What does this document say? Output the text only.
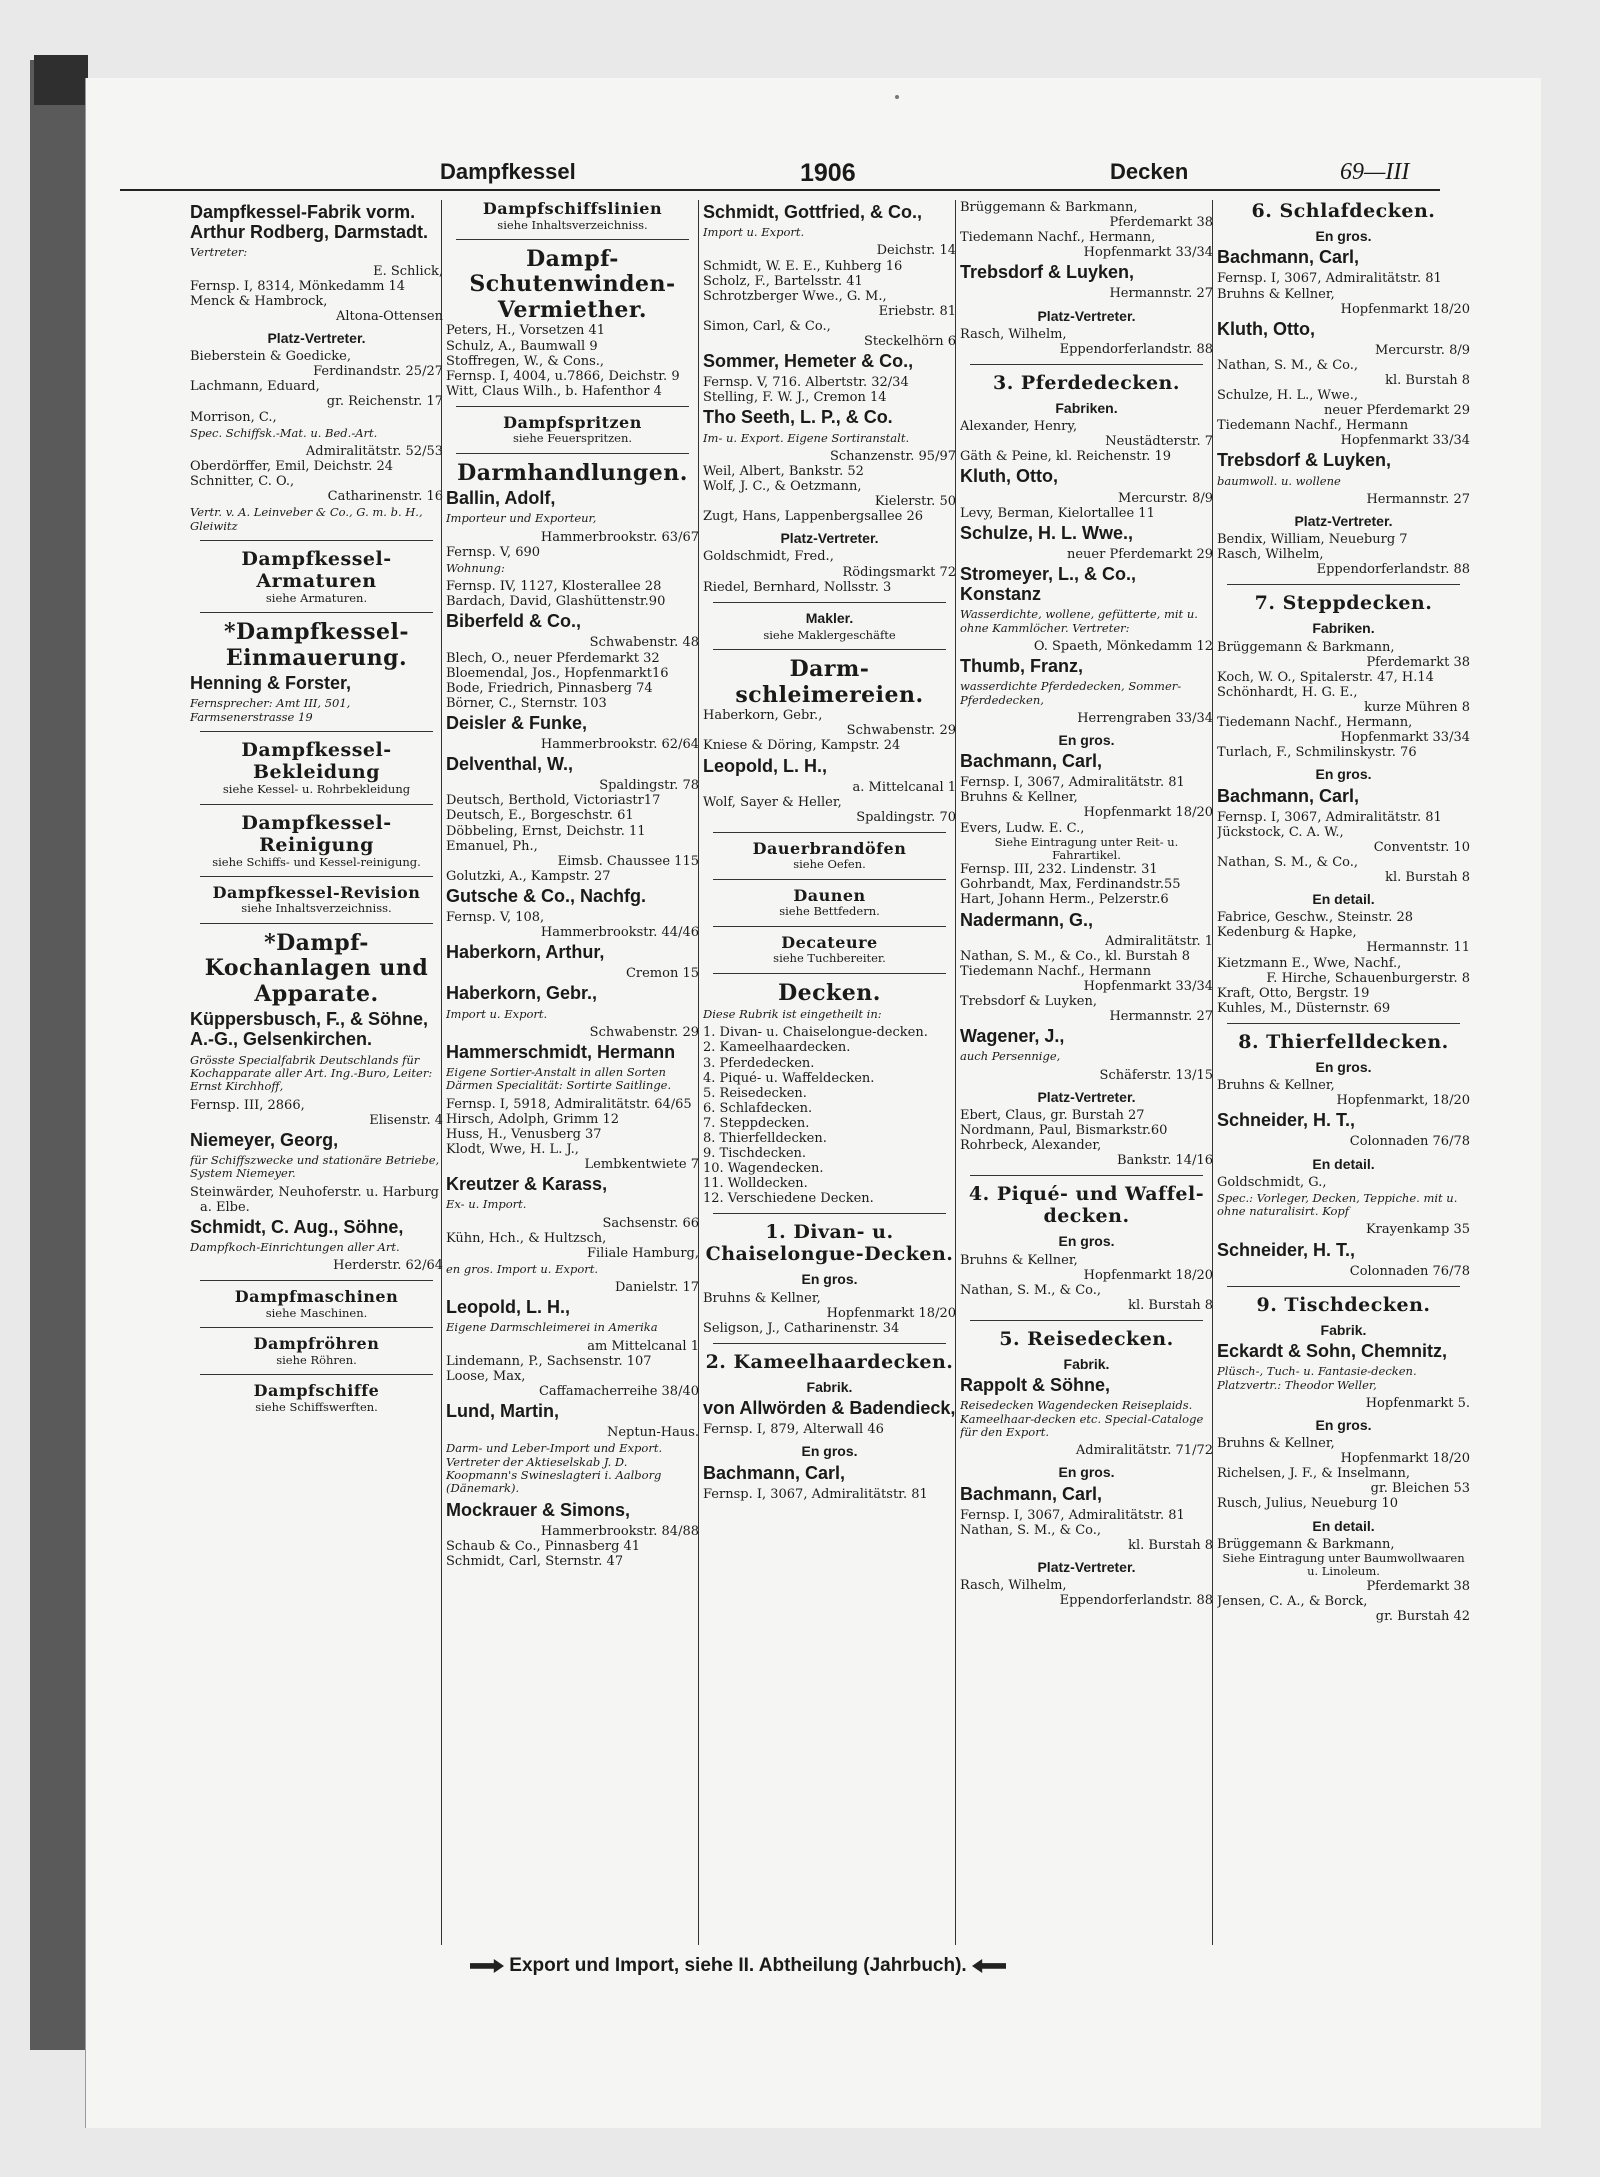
Dampfkessel	1906	Decken	69—III
Dampfkessel-Fabrik vorm. Arthur Rodberg, Darmstadt.
Vertreter:
E. Schlick,
Fernsp. I, 8314, Mönkedamm 14
Menck & Hambrock,
Altona-Ottensen
Platz-Vertreter.
Bieberstein & Goedicke,
Ferdinandstr. 25/27
Lachmann, Eduard,
gr. Reichenstr. 17
Morrison, C.,
Spec. Schiffsk.-Mat. u. Bed.-Art.
Admiralitätstr. 52/53
Oberdörffer, Emil, Deichstr. 24
Schnitter, C. O.,
Catharinenstr. 16
Vertr. v. A. Leinveber & Co., G. m. b. H., Gleiwitz
Dampfkessel-Armaturen
siehe Armaturen.
*Dampfkessel-Einmauerung.
Henning & Forster,
Fernsprecher: Amt III, 501, Farmsenerstrasse 19
Dampfkessel-Bekleidung
siehe Kessel- u. Rohrbekleidung
Dampfkessel-Reinigung
siehe Schiffs- und Kessel-reinigung.
Dampfkessel-Revision
siehe Inhaltsverzeichniss.
*Dampf-Kochanlagen und Apparate.
Küppersbusch, F., & Söhne, A.-G., Gelsenkirchen.
Grösste Specialfabrik Deutschlands für Kochapparate aller Art. Ing.-Buro, Leiter: Ernst Kirchhoff,
Fernsp. III, 2866,
Elisenstr. 4
Niemeyer, Georg,
für Schiffszwecke und stationäre Betriebe, System Niemeyer.
Steinwärder, Neuhoferstr. u. Harburg a. Elbe.
Schmidt, C. Aug., Söhne,
Dampfkoch-Einrichtungen aller Art.
Herderstr. 62/64
Dampfmaschinen
siehe Maschinen.
Dampfröhren
siehe Röhren.
Dampfschiffe
siehe Schiffswerften.
Dampfschiffslinien
siehe Inhaltsverzeichniss.
Dampf-Schutenwinden-Vermiether.
Peters, H., Vorsetzen 41
Schulz, A., Baumwall 9
Stoffregen, W., & Cons.,
Fernsp. I, 4004, u.7866, Deichstr. 9
Witt, Claus Wilh., b. Hafenthor 4
Dampfspritzen
siehe Feuerspritzen.
Darmhandlungen.
Ballin, Adolf,
Importeur und Exporteur,
Hammerbrookstr. 63/67
Fernsp. V, 690
Wohnung:
Fernsp. IV, 1127, Klosterallee 28
Bardach, David, Glashüttenstr.90
Biberfeld & Co.,
Schwabenstr. 48
Blech, O., neuer Pferdemarkt 32
Bloemendal, Jos., Hopfenmarkt16
Bode, Friedrich, Pinnasberg 74
Börner, C., Sternstr. 103
Deisler & Funke,
Hammerbrookstr. 62/64
Delventhal, W.,
Spaldingstr. 78
Deutsch, Berthold, Victoriastr17
Deutsch, E., Borgeschstr. 61
Döbbeling, Ernst, Deichstr. 11
Emanuel, Ph.,
Eimsb. Chaussee 115
Golutzki, A., Kampstr. 27
Gutsche & Co., Nachfg.
Fernsp. V, 108,
Hammerbrookstr. 44/46
Haberkorn, Arthur,
Cremon 15
Haberkorn, Gebr.,
Import u. Export.
Schwabenstr. 29
Hammerschmidt, Hermann
Eigene Sortier-Anstalt in allen Sorten Därmen Specialität: Sortirte Saitlinge.
Fernsp. I, 5918, Admiralitätstr. 64/65
Hirsch, Adolph, Grimm 12
Huss, H., Venusberg 37
Klodt, Wwe, H. L. J.,
Lembkentwiete 7
Kreutzer & Karass,
Ex- u. Import.
Sachsenstr. 66
Kühn, Hch., & Hultzsch,
Filiale Hamburg,
en gros. Import u. Export.
Danielstr. 17
Leopold, L. H.,
Eigene Darmschleimerei in Amerika
am Mittelcanal 1
Lindemann, P., Sachsenstr. 107
Loose, Max,
Caffamacherreihe 38/40
Lund, Martin,
Neptun-Haus.
Darm- und Leber-Import und Export. Vertreter der Aktieselskab J. D. Koopmann's Swineslagteri i. Aalborg (Dänemark).
Mockrauer & Simons,
Hammerbrookstr. 84/88
Schaub & Co., Pinnasberg 41
Schmidt, Carl, Sternstr. 47
Schmidt, Gottfried, & Co.,
Import u. Export.
Deichstr. 14
Schmidt, W. E. E., Kuhberg 16
Scholz, F., Bartelsstr. 41
Schrotzberger Wwe., G. M.,
Eriebstr. 81
Simon, Carl, & Co.,
Steckelhörn 6
Sommer, Hemeter & Co.,
Fernsp. V, 716. Albertstr. 32/34
Stelling, F. W. J., Cremon 14
Tho Seeth, L. P., & Co.
Im- u. Export. Eigene Sortiranstalt.
Schanzenstr. 95/97
Weil, Albert, Bankstr. 52
Wolf, J. C., & Oetzmann,
Kielerstr. 50
Zugt, Hans, Lappenbergsallee 26
Platz-Vertreter.
Goldschmidt, Fred.,
Rödingsmarkt 72
Riedel, Bernhard, Nollsstr. 3
Makler.
siehe Maklergeschäfte
Darm-schleimereien.
Haberkorn, Gebr.,
Schwabenstr. 29
Kniese & Döring, Kampstr. 24
Leopold, L. H.,
a. Mittelcanal 1
Wolf, Sayer & Heller,
Spaldingstr. 70
Dauerbrandöfen
siehe Oefen.
Daunen
siehe Bettfedern.
Decateure
siehe Tuchbereiter.
Decken.
Diese Rubrik ist eingetheilt in:
1. Divan- u. Chaiselongue-decken.
2. Kameelhaardecken.
3. Pferdedecken.
4. Piqué- u. Waffeldecken.
5. Reisedecken.
6. Schlafdecken.
7. Steppdecken.
8. Thierfelldecken.
9. Tischdecken.
10. Wagendecken.
11. Wolldecken.
12. Verschiedene Decken.
1. Divan- u. Chaiselongue-Decken.
En gros.
Bruhns & Kellner,
Hopfenmarkt 18/20
Seligson, J., Catharinenstr. 34
2. Kameelhaardecken.
Fabrik.
von Allwörden & Badendieck,
Fernsp. I, 879, Alterwall 46
En gros.
Bachmann, Carl,
Fernsp. I, 3067, Admiralitätstr. 81
Brüggemann & Barkmann,
Pferdemarkt 38
Tiedemann Nachf., Hermann,
Hopfenmarkt 33/34
Trebsdorf & Luyken,
Hermannstr. 27
Platz-Vertreter.
Rasch, Wilhelm,
Eppendorferlandstr. 88
3. Pferdedecken.
Fabriken.
Alexander, Henry,
Neustädterstr. 7
Gäth & Peine, kl. Reichenstr. 19
Kluth, Otto,
Mercurstr. 8/9
Levy, Berman, Kielortallee 11
Schulze, H. L. Wwe.,
neuer Pferdemarkt 29
Stromeyer, L., & Co., Konstanz
Wasserdichte, wollene, gefütterte, mit u. ohne Kammlöcher. Vertreter:
O. Spaeth, Mönkedamm 12
Thumb, Franz,
wasserdichte Pferdedecken, Sommer-Pferdedecken,
Herrengraben 33/34
En gros.
Bachmann, Carl,
Fernsp. I, 3067, Admiralitätstr. 81
Bruhns & Kellner,
Hopfenmarkt 18/20
Evers, Ludw. E. C.,
Siehe Eintragung unter Reit- u. Fahrartikel.
Fernsp. III, 232. Lindenstr. 31
Gohrbandt, Max, Ferdinandstr.55
Hart, Johann Herm., Pelzerstr.6
Nadermann, G.,
Admiralitätstr. 1
Nathan, S. M., & Co., kl. Burstah 8
Tiedemann Nachf., Hermann
Hopfenmarkt 33/34
Trebsdorf & Luyken,
Hermannstr. 27
Wagener, J.,
auch Persennige,
Schäferstr. 13/15
Platz-Vertreter.
Ebert, Claus, gr. Burstah 27
Nordmann, Paul, Bismarkstr.60
Rohrbeck, Alexander,
Bankstr. 14/16
4. Piqué- und Waffel-decken.
En gros.
Bruhns & Kellner,
Hopfenmarkt 18/20
Nathan, S. M., & Co.,
kl. Burstah 8
5. Reisedecken.
Fabrik.
Rappolt & Söhne,
Reisedecken Wagendecken Reiseplaids. Kameelhaar-decken etc. Special-Cataloge für den Export.
Admiralitätstr. 71/72
En gros.
Bachmann, Carl,
Fernsp. I, 3067, Admiralitätstr. 81
Nathan, S. M., & Co.,
kl. Burstah 8
Platz-Vertreter.
Rasch, Wilhelm,
Eppendorferlandstr. 88
6. Schlafdecken.
En gros.
Bachmann, Carl,
Fernsp. I, 3067, Admiralitätstr. 81
Bruhns & Kellner,
Hopfenmarkt 18/20
Kluth, Otto,
Mercurstr. 8/9
Nathan, S. M., & Co.,
kl. Burstah 8
Schulze, H. L., Wwe.,
neuer Pferdemarkt 29
Tiedemann Nachf., Hermann
Hopfenmarkt 33/34
Trebsdorf & Luyken,
baumwoll. u. wollene
Hermannstr. 27
Platz-Vertreter.
Bendix, William, Neueburg 7
Rasch, Wilhelm,
Eppendorferlandstr. 88
7. Steppdecken.
Fabriken.
Brüggemann & Barkmann,
Pferdemarkt 38
Koch, W. O., Spitalerstr. 47, H.14
Schönhardt, H. G. E.,
kurze Mühren 8
Tiedemann Nachf., Hermann,
Hopfenmarkt 33/34
Turlach, F., Schmilinskystr. 76
En gros.
Bachmann, Carl,
Fernsp. I, 3067, Admiralitätstr. 81
Jückstock, C. A. W.,
Conventstr. 10
Nathan, S. M., & Co.,
kl. Burstah 8
En detail.
Fabrice, Geschw., Steinstr. 28
Kedenburg & Hapke,
Hermannstr. 11
Kietzmann E., Wwe, Nachf.,
F. Hirche, Schauenburgerstr. 8
Kraft, Otto, Bergstr. 19
Kuhles, M., Düsternstr. 69
8. Thierfelldecken.
En gros.
Bruhns & Kellner,
Hopfenmarkt, 18/20
Schneider, H. T.,
Colonnaden 76/78
En detail.
Goldschmidt, G.,
Spec.: Vorleger, Decken, Teppiche. mit u. ohne naturalisirt. Kopf
Krayenkamp 35
Schneider, H. T.,
Colonnaden 76/78
9. Tischdecken.
Fabrik.
Eckardt & Sohn, Chemnitz,
Plüsch-, Tuch- u. Fantasie-decken. Platzvertr.: Theodor Weller,
Hopfenmarkt 5.
En gros.
Bruhns & Kellner,
Hopfenmarkt 18/20
Richelsen, J. F., & Inselmann,
gr. Bleichen 53
Rusch, Julius, Neueburg 10
En detail.
Brüggemann & Barkmann,
Siehe Eintragung unter Baumwollwaaren u. Linoleum.
Pferdemarkt 38
Jensen, C. A., & Borck,
gr. Burstah 42
Export und Import, siehe II. Abtheilung (Jahrbuch).
